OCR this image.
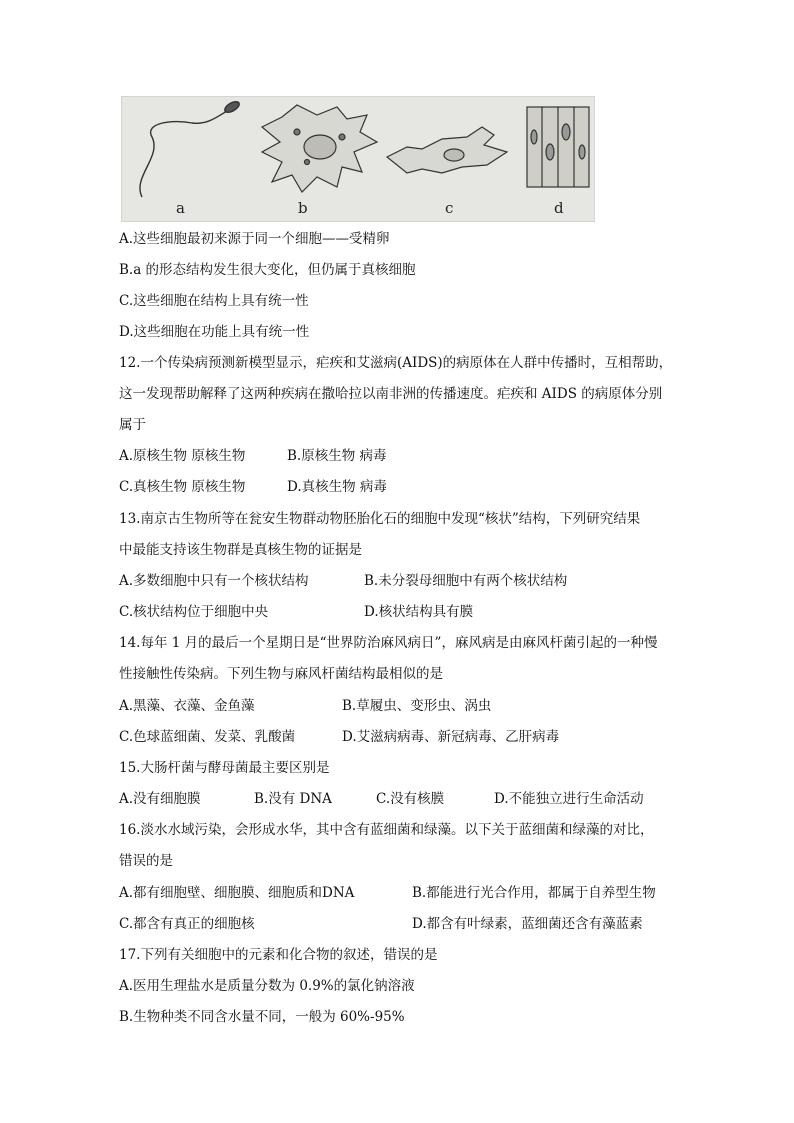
a	b	c	d
A.这些细胞最初来源于同一个细胞——受精卵
B.a 的形态结构发生很大变化，但仍属于真核细胞
C.这些细胞在结构上具有统一性
D.这些细胞在功能上具有统一性
12.一个传染病预测新模型显示，疟疾和艾滋病(AIDS)的病原体在人群中传播时，互相帮助，
这一发现帮助解释了这两种疾病在撒哈拉以南非洲的传播速度。疟疾和 AIDS 的病原体分别
属于
A.原核生物 原核生物	B.原核生物 病毒
C.真核生物 原核生物	D.真核生物 病毒
13.南京古生物所等在瓮安生物群动物胚胎化石的细胞中发现“核状”结构，下列研究结果
中最能支持该生物群是真核生物的证据是
A.多数细胞中只有一个核状结构	B.未分裂母细胞中有两个核状结构
C.核状结构位于细胞中央	D.核状结构具有膜
14.每年 1 月的最后一个星期日是“世界防治麻风病日”，麻风病是由麻风杆菌引起的一种慢
性接触性传染病。下列生物与麻风杆菌结构最相似的是
A.黑藻、衣藻、金鱼藻	B.草履虫、变形虫、涡虫
C.色球蓝细菌、发菜、乳酸菌	D.艾滋病病毒、新冠病毒、乙肝病毒
15.大肠杆菌与酵母菌最主要区别是
A.没有细胞膜	B.没有 DNA	C.没有核膜	D.不能独立进行生命活动
16.淡水水域污染，会形成水华，其中含有蓝细菌和绿藻。以下关于蓝细菌和绿藻的对比，
错误的是
A.都有细胞壁、细胞膜、细胞质和DNA	B.都能进行光合作用，都属于自养型生物
C.都含有真正的细胞核	D.都含有叶绿素，蓝细菌还含有藻蓝素
17.下列有关细胞中的元素和化合物的叙述，错误的是
A.医用生理盐水是质量分数为 0.9%的氯化钠溶液
B.生物种类不同含水量不同，一般为 60%-95%
